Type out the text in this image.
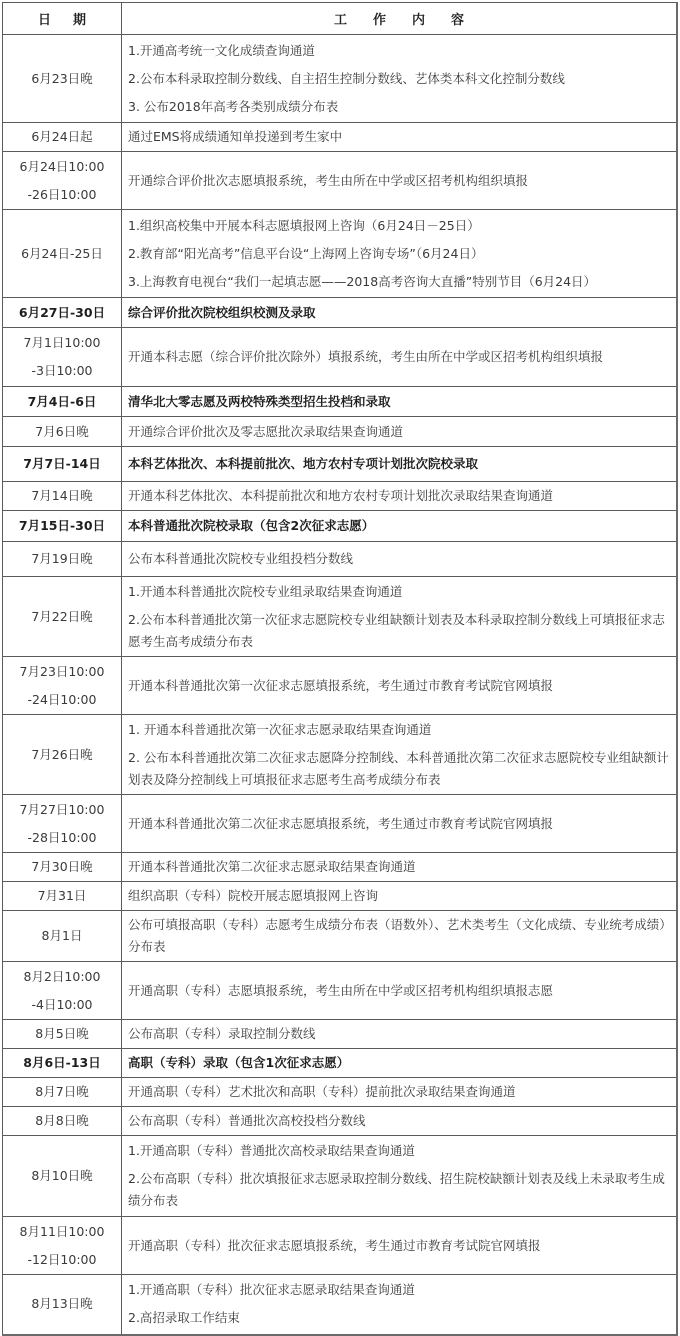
日 期	工　　作　　内　　容

6月23日晚	1.开通高考统一文化成绩查询通道
2.公布本科录取控制分数线、自主招生控制分数线、艺体类本科文化控制分数线
3. 公布2018年高考各类别成绩分布表

6月24日起	通过EMS将成绩通知单投递到考生家中

6月24日10:00
-26日10:00	开通综合评价批次志愿填报系统，考生由所在中学或区招考机构组织填报

6月24日-25日	1.组织高校集中开展本科志愿填报网上咨询（6月24日－25日）
2.教育部“阳光高考”信息平台设“上海网上咨询专场”（6月24日）
3.上海教育电视台“我们一起填志愿——2018高考咨询大直播”特别节目（6月24日）

6月27日-30日	综合评价批次院校组织校测及录取

7月1日10:00
-3日10:00	开通本科志愿（综合评价批次除外）填报系统，考生由所在中学或区招考机构组织填报

7月4日-6日	清华北大零志愿及两校特殊类型招生投档和录取

7月6日晚	开通综合评价批次及零志愿批次录取结果查询通道

7月7日-14日	本科艺体批次、本科提前批次、地方农村专项计划批次院校录取

7月14日晚	开通本科艺体批次、本科提前批次和地方农村专项计划批次录取结果查询通道

7月15日-30日	本科普通批次院校录取（包含2次征求志愿）

7月19日晚	公布本科普通批次院校专业组投档分数线

7月22日晚	1.开通本科普通批次院校专业组录取结果查询通道
2.公布本科普通批次第一次征求志愿院校专业组缺额计划表及本科录取控制分数线上可填报征求志愿考生高考成绩分布表

7月23日10:00
-24日10:00	开通本科普通批次第一次征求志愿填报系统，考生通过市教育考试院官网填报

7月26日晚	1. 开通本科普通批次第一次征求志愿录取结果查询通道
2. 公布本科普通批次第二次征求志愿降分控制线、本科普通批次第二次征求志愿院校专业组缺额计划表及降分控制线上可填报征求志愿考生高考成绩分布表

7月27日10:00
-28日10:00	开通本科普通批次第二次征求志愿填报系统，考生通过市教育考试院官网填报

7月30日晚	开通本科普通批次第二次征求志愿录取结果查询通道

7月31日	组织高职（专科）院校开展志愿填报网上咨询

8月1日	公布可填报高职（专科）志愿考生成绩分布表（语数外）、艺术类考生（文化成绩、专业统考成绩）分布表

8月2日10:00
-4日10:00	开通高职（专科）志愿填报系统，考生由所在中学或区招考机构组织填报志愿

8月5日晚	公布高职（专科）录取控制分数线

8月6日-13日	高职（专科）录取（包含1次征求志愿）

8月7日晚	开通高职（专科）艺术批次和高职（专科）提前批次录取结果查询通道

8月8日晚	公布高职（专科）普通批次高校投档分数线

8月10日晚	1.开通高职（专科）普通批次高校录取结果查询通道
2.公布高职（专科）批次填报征求志愿录取控制分数线、招生院校缺额计划表及线上未录取考生成绩分布表

8月11日10:00
-12日10:00	开通高职（专科）批次征求志愿填报系统，考生通过市教育考试院官网填报

8月13日晚	1.开通高职（专科）批次征求志愿录取结果查询通道
2.高招录取工作结束
